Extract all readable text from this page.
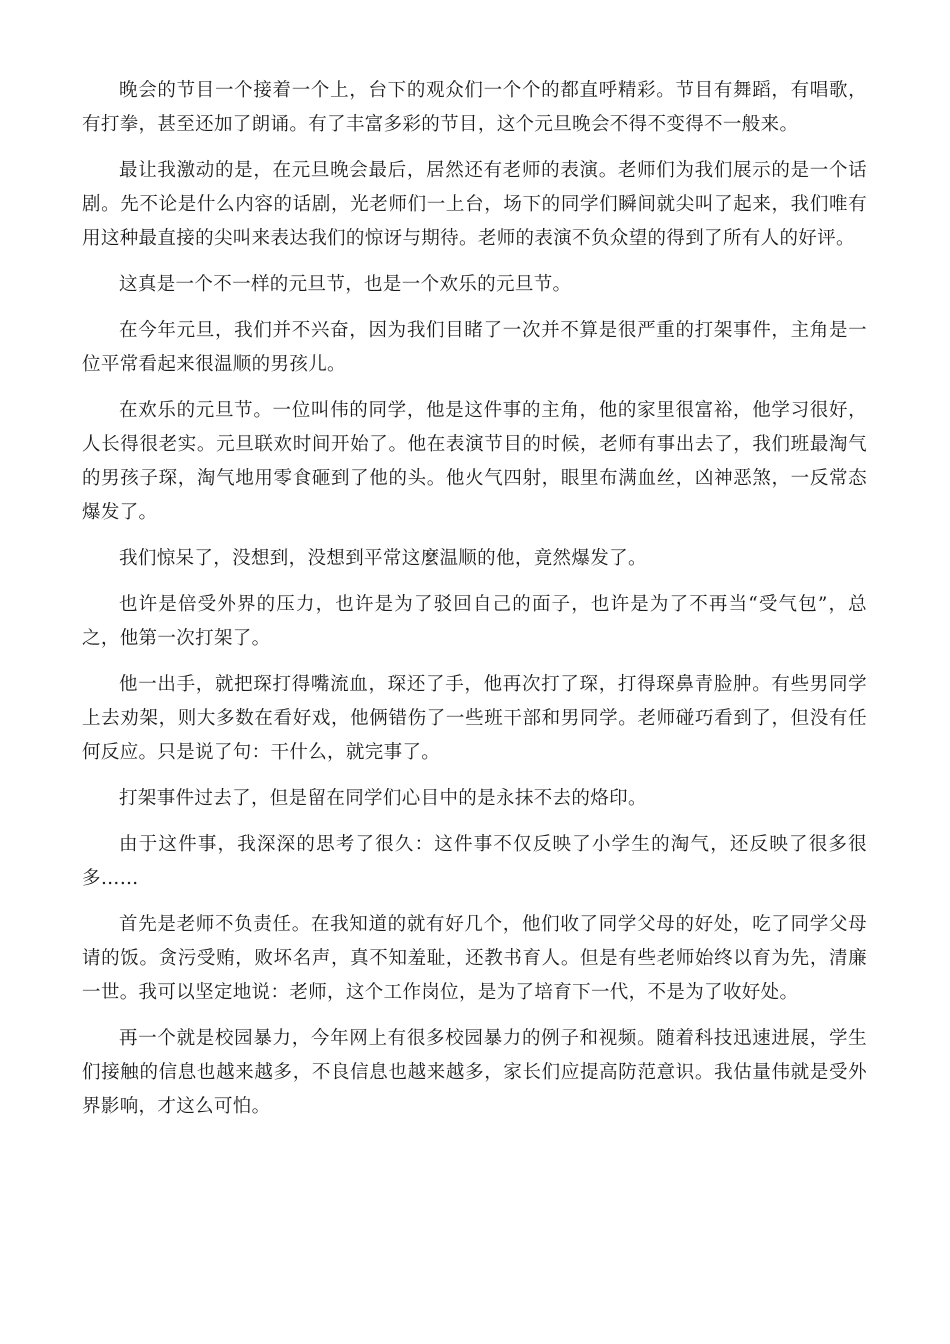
晚会的节目一个接着一个上，台下的观众们一个个的都直呼精彩。节目有舞蹈，有唱歌，有打拳，甚至还加了朗诵。有了丰富多彩的节目，这个元旦晚会不得不变得不一般来。

最让我激动的是，在元旦晚会最后，居然还有老师的表演。老师们为我们展示的是一个话剧。先不论是什么内容的话剧，光老师们一上台，场下的同学们瞬间就尖叫了起来，我们唯有用这种最直接的尖叫来表达我们的惊讶与期待。老师的表演不负众望的得到了所有人的好评。

这真是一个不一样的元旦节，也是一个欢乐的元旦节。

在今年元旦，我们并不兴奋，因为我们目睹了一次并不算是很严重的打架事件，主角是一位平常看起来很温顺的男孩儿。

在欢乐的元旦节。一位叫伟的同学，他是这件事的主角，他的家里很富裕，他学习很好，人长得很老实。元旦联欢时间开始了。他在表演节目的时候，老师有事出去了，我们班最淘气的男孩子琛，淘气地用零食砸到了他的头。他火气四射，眼里布满血丝，凶神恶煞，一反常态爆发了。

我们惊呆了，没想到，没想到平常这麼温顺的他，竟然爆发了。

也许是倍受外界的压力，也许是为了驳回自己的面子，也许是为了不再当“受气包”，总之，他第一次打架了。

他一出手，就把琛打得嘴流血，琛还了手，他再次打了琛，打得琛鼻青脸肿。有些男同学上去劝架，则大多数在看好戏，他俩错伤了一些班干部和男同学。老师碰巧看到了，但没有任何反应。只是说了句：干什么，就完事了。

打架事件过去了，但是留在同学们心目中的是永抹不去的烙印。

由于这件事，我深深的思考了很久：这件事不仅反映了小学生的淘气，还反映了很多很多……

首先是老师不负责任。在我知道的就有好几个，他们收了同学父母的好处，吃了同学父母请的饭。贪污受贿，败坏名声，真不知羞耻，还教书育人。但是有些老师始终以育为先，清廉一世。我可以坚定地说：老师，这个工作岗位，是为了培育下一代，不是为了收好处。

再一个就是校园暴力，今年网上有很多校园暴力的例子和视频。随着科技迅速进展，学生们接触的信息也越来越多，不良信息也越来越多，家长们应提高防范意识。我估量伟就是受外界影响，才这么可怕。
